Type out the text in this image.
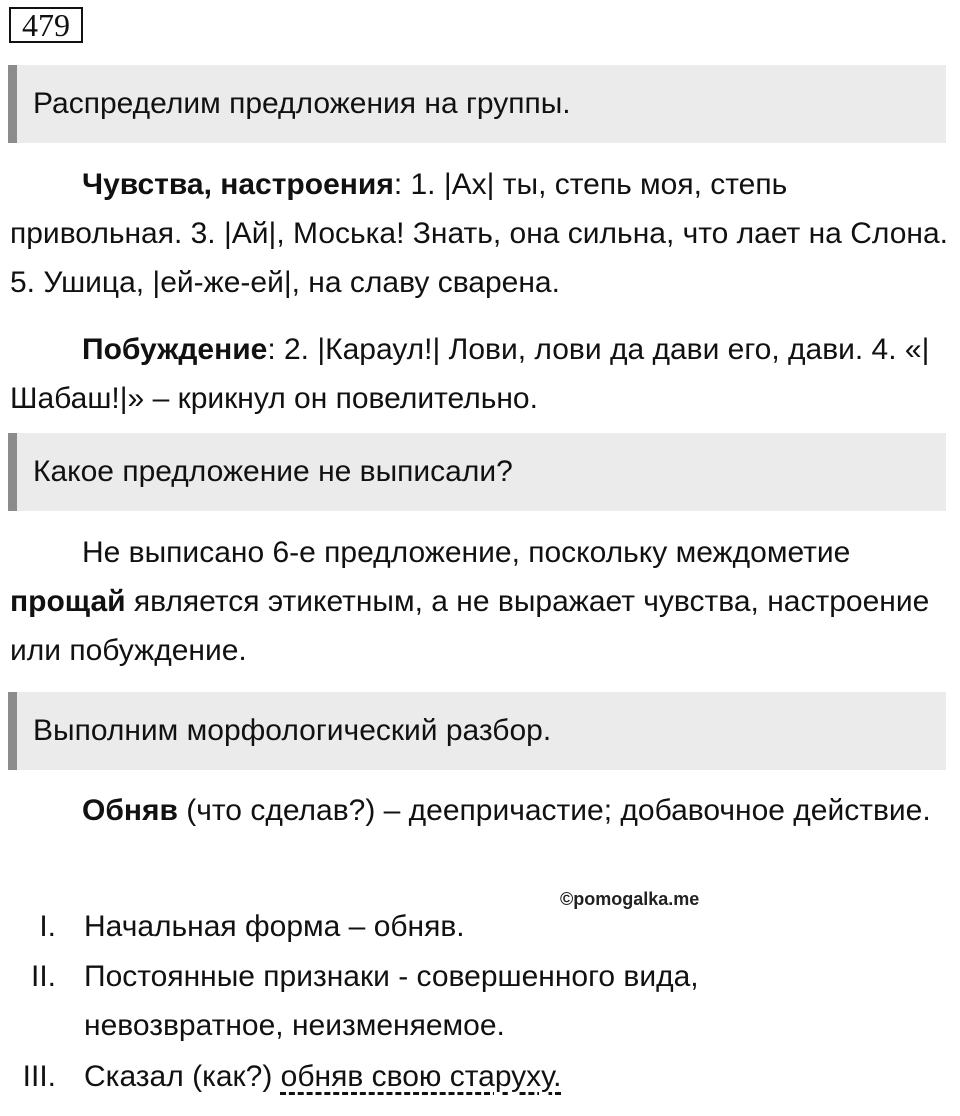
479
Распределим предложения на группы.
Чувства, настроения: 1. |Ах| ты, степь моя, степь привольная. 3. |Ай|, Моська! Знать, она сильна, что лает на Слона. 5. Ушица, |ей-же-ей|, на славу сварена.
Побуждение: 2. |Караул!| Лови, лови да дави его, дави. 4. «|Шабаш!|» – крикнул он повелительно.
Какое предложение не выписали?
Не выписано 6-е предложение, поскольку междометие прощай является этикетным, а не выражает чувства, настроение или побуждение.
Выполним морфологический разбор.
Обняв (что сделав?) – деепричастие; добавочное действие.
©pomogalka.me
I. Начальная форма – обняв.
II. Постоянные признаки - совершенного вида, невозвратное, неизменяемое.
III. Сказал (как?) обняв свою старуху.
